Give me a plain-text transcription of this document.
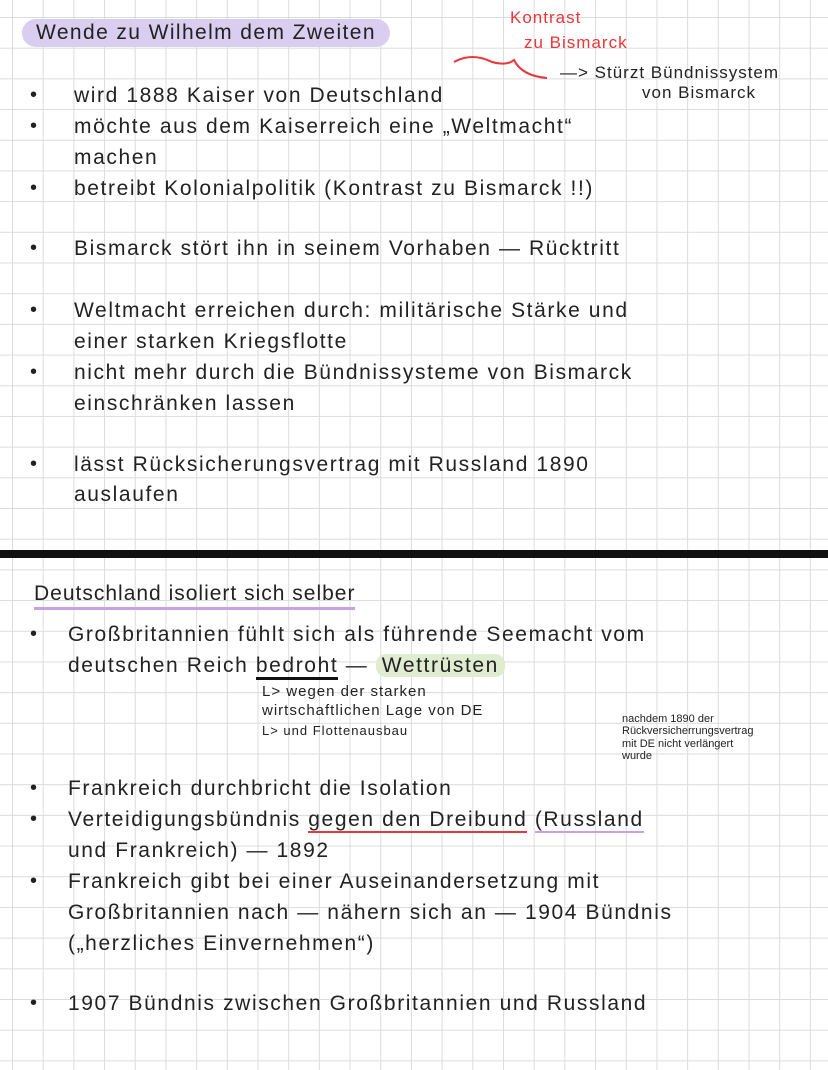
Wende zu Wilhelm dem Zweiten
Kontrast
zu Bismarck
—> Stürzt Bündnissystem
von Bismarck
• wird 1888 Kaiser von Deutschland
• möchte aus dem Kaiserreich eine „Weltmacht“
machen
• betreibt Kolonialpolitik (Kontrast zu Bismarck !!)
• Bismarck stört ihn in seinem Vorhaben — Rücktritt
• Weltmacht erreichen durch: militärische Stärke und
einer starken Kriegsflotte
• nicht mehr durch die Bündnissysteme von Bismarck
einschränken lassen
• lässt Rücksicherungsvertrag mit Russland 1890
auslaufen
Deutschland isoliert sich selber
• Großbritannien fühlt sich als führende Seemacht vom
deutschen Reich bedroht — Wettrüsten
L> wegen der starken
wirtschaftlichen Lage von DE
L> und Flottenausbau
nachdem 1890 der
Rückversicherrungsvertrag
mit DE nicht verlängert
wurde
• Frankreich durchbricht die Isolation
• Verteidigungsbündnis gegen den Dreibund (Russland
und Frankreich) — 1892
• Frankreich gibt bei einer Auseinandersetzung mit
Großbritannien nach — nähern sich an — 1904 Bündnis
(„herzliches Einvernehmen“)
• 1907 Bündnis zwischen Großbritannien und Russland
